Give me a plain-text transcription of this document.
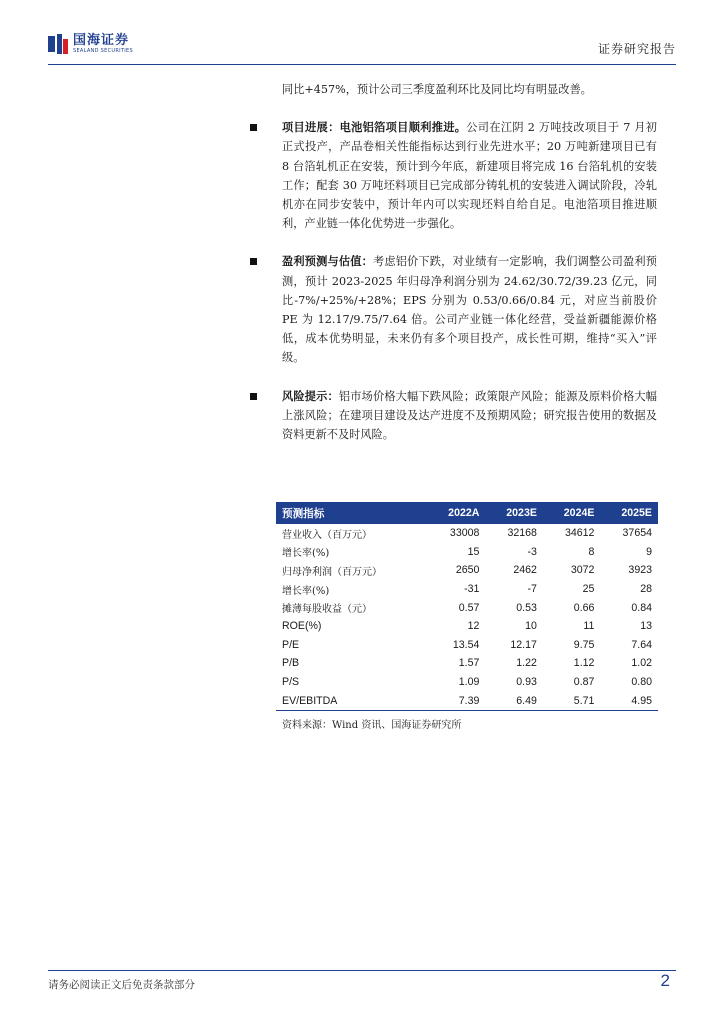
国海证券
SEALAND SECURITIES	证券研究报告

同比+457%，预计公司三季度盈利环比及同比均有明显改善。

项目进展：电池铝箔项目顺利推进。公司在江阴 2 万吨技改项目于 7 月初正式投产，产品卷相关性能指标达到行业先进水平；20 万吨新建项目已有 8 台箔轧机正在安装，预计到今年底，新建项目将完成 16 台箔轧机的安装工作；配套 30 万吨坯料项目已完成部分铸轧机的安装进入调试阶段，冷轧机亦在同步安装中，预计年内可以实现坯料自给自足。电池箔项目推进顺利，产业链一体化优势进一步强化。

盈利预测与估值：考虑铝价下跌，对业绩有一定影响，我们调整公司盈利预测，预计 2023-2025 年归母净利润分别为 24.62/30.72/39.23 亿元，同比-7%/+25%/+28%；EPS 分别为 0.53/0.66/0.84 元，对应当前股价 PE 为 12.17/9.75/7.64 倍。公司产业链一体化经营，受益新疆能源价格低，成本优势明显，未来仍有多个项目投产，成长性可期，维持“买入”评级。

风险提示：铝市场价格大幅下跌风险；政策限产风险；能源及原料价格大幅上涨风险；在建项目建设及达产进度不及预期风险；研究报告使用的数据及资料更新不及时风险。

预测指标	2022A	2023E	2024E	2025E
营业收入（百万元）	33008	32168	34612	37654
增长率(%)	15	-3	8	9
归母净利润（百万元）	2650	2462	3072	3923
增长率(%)	-31	-7	25	28
摊薄每股收益（元）	0.57	0.53	0.66	0.84
ROE(%)	12	10	11	13
P/E	13.54	12.17	9.75	7.64
P/B	1.57	1.22	1.12	1.02
P/S	1.09	0.93	0.87	0.80
EV/EBITDA	7.39	6.49	5.71	4.95
资料来源：Wind 资讯、国海证券研究所
请务必阅读正文后免责条款部分	2
